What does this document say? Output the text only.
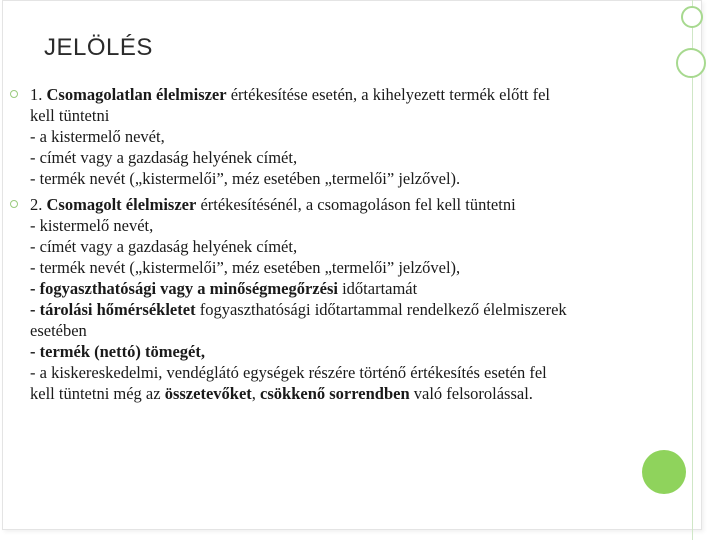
JELÖLÉS
1. Csomagolatlan élelmiszer értékesítése esetén, a kihelyezett termék előtt fel
kell tüntetni
- a kistermelő nevét,
- címét vagy a gazdaság helyének címét,
- termék nevét („kistermelői”, méz esetében „termelői” jelzővel).
2. Csomagolt élelmiszer értékesítésénél, a csomagoláson fel kell tüntetni
- kistermelő nevét,
- címét vagy a gazdaság helyének címét,
- termék nevét („kistermelői”, méz esetében „termelői” jelzővel),
- fogyaszthatósági vagy a minőségmegőrzési időtartamát
- tárolási hőmérsékletet fogyaszthatósági időtartammal rendelkező élelmiszerek
esetében
- termék (nettó) tömegét,
- a kiskereskedelmi, vendéglátó egységek részére történő értékesítés esetén fel
kell tüntetni még az összetevőket, csökkenő sorrendben való felsorolással.
